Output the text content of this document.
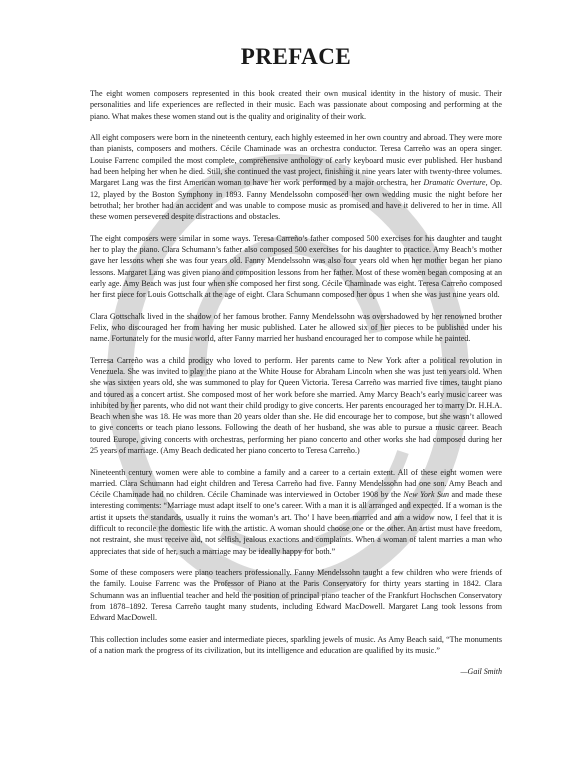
PREFACE

The eight women composers represented in this book created their own musical identity in the history of music. Their personalities and life experiences are reflected in their music. Each was passionate about composing and performing at the piano. What makes these women stand out is the quality and originality of their work.

All eight composers were born in the nineteenth century, each highly esteemed in her own country and abroad. They were more than pianists, composers and mothers. Cécile Chaminade was an orchestra conductor. Teresa Carreño was an opera singer. Louise Farrenc compiled the most complete, comprehensive anthology of early keyboard music ever published. Her husband had been helping her when he died. Still, she continued the vast project, finishing it nine years later with twenty-three volumes. Margaret Lang was the first American woman to have her work performed by a major orchestra, her Dramatic Overture, Op. 12, played by the Boston Symphony in 1893. Fanny Mendelssohn composed her own wedding music the night before her betrothal; her brother had an accident and was unable to compose music as promised and have it delivered to her in time. All these women persevered despite distractions and obstacles.

The eight composers were similar in some ways. Teresa Carreño’s father composed 500 exercises for his daughter and taught her to play the piano. Clara Schumann’s father also composed 500 exercises for his daughter to practice. Amy Beach’s mother gave her lessons when she was four years old. Fanny Mendelssohn was also four years old when her mother began her piano lessons. Margaret Lang was given piano and composition lessons from her father. Most of these women began composing at an early age. Amy Beach was just four when she composed her first song. Cécile Chaminade was eight. Teresa Carreño composed her first piece for Louis Gottschalk at the age of eight. Clara Schumann composed her opus 1 when she was just nine years old.

Clara Gottschalk lived in the shadow of her famous brother. Fanny Mendelssohn was overshadowed by her renowned brother Felix, who discouraged her from having her music published. Later he allowed six of her pieces to be published under his name. Fortunately for the music world, after Fanny married her husband encouraged her to compose while he painted.

Terresa Carreño was a child prodigy who loved to perform. Her parents came to New York after a political revolution in Venezuela. She was invited to play the piano at the White House for Abraham Lincoln when she was just ten years old. When she was sixteen years old, she was summoned to play for Queen Victoria. Teresa Carreño was married five times, taught piano and toured as a concert artist. She composed most of her work before she married. Amy Marcy Beach’s early music career was inhibited by her parents, who did not want their child prodigy to give concerts. Her parents encouraged her to marry Dr. H.H.A. Beach when she was 18. He was more than 20 years older than she. He did encourage her to compose, but she wasn’t allowed to give concerts or teach piano lessons. Following the death of her husband, she was able to pursue a music career. Beach toured Europe, giving concerts with orchestras, performing her piano concerto and other works she had composed during her 25 years of marriage. (Amy Beach dedicated her piano concerto to Teresa Carreño.)

Nineteenth century women were able to combine a family and a career to a certain extent. All of these eight women were married. Clara Schumann had eight children and Teresa Carreño had five. Fanny Mendelssohn had one son. Amy Beach and Cécile Chaminade had no children. Cécile Chaminade was interviewed in October 1908 by the New York Sun and made these interesting comments: “Marriage must adapt itself to one’s career. With a man it is all arranged and expected. If a woman is the artist it upsets the standards, usually it ruins the woman’s art. Tho’ I have been married and am a widow now, I feel that it is difficult to reconcile the domestic life with the artistic. A woman should choose one or the other. An artist must have freedom, not restraint, she must receive aid, not selfish, jealous exactions and complaints. When a woman of talent marries a man who appreciates that side of her, such a marriage may be ideally happy for both.”

Some of these composers were piano teachers professionally. Fanny Mendelssohn taught a few children who were friends of the family. Louise Farrenc was the Professor of Piano at the Paris Conservatory for thirty years starting in 1842. Clara Schumann was an influential teacher and held the position of principal piano teacher of the Frankfurt Hochschen Conservatory from 1878–1892. Teresa Carreño taught many students, including Edward MacDowell. Margaret Lang took lessons from Edward MacDowell.

This collection includes some easier and intermediate pieces, sparkling jewels of music. As Amy Beach said, “The monuments of a nation mark the progress of its civilization, but its intelligence and education are qualified by its music.”

—Gail Smith
